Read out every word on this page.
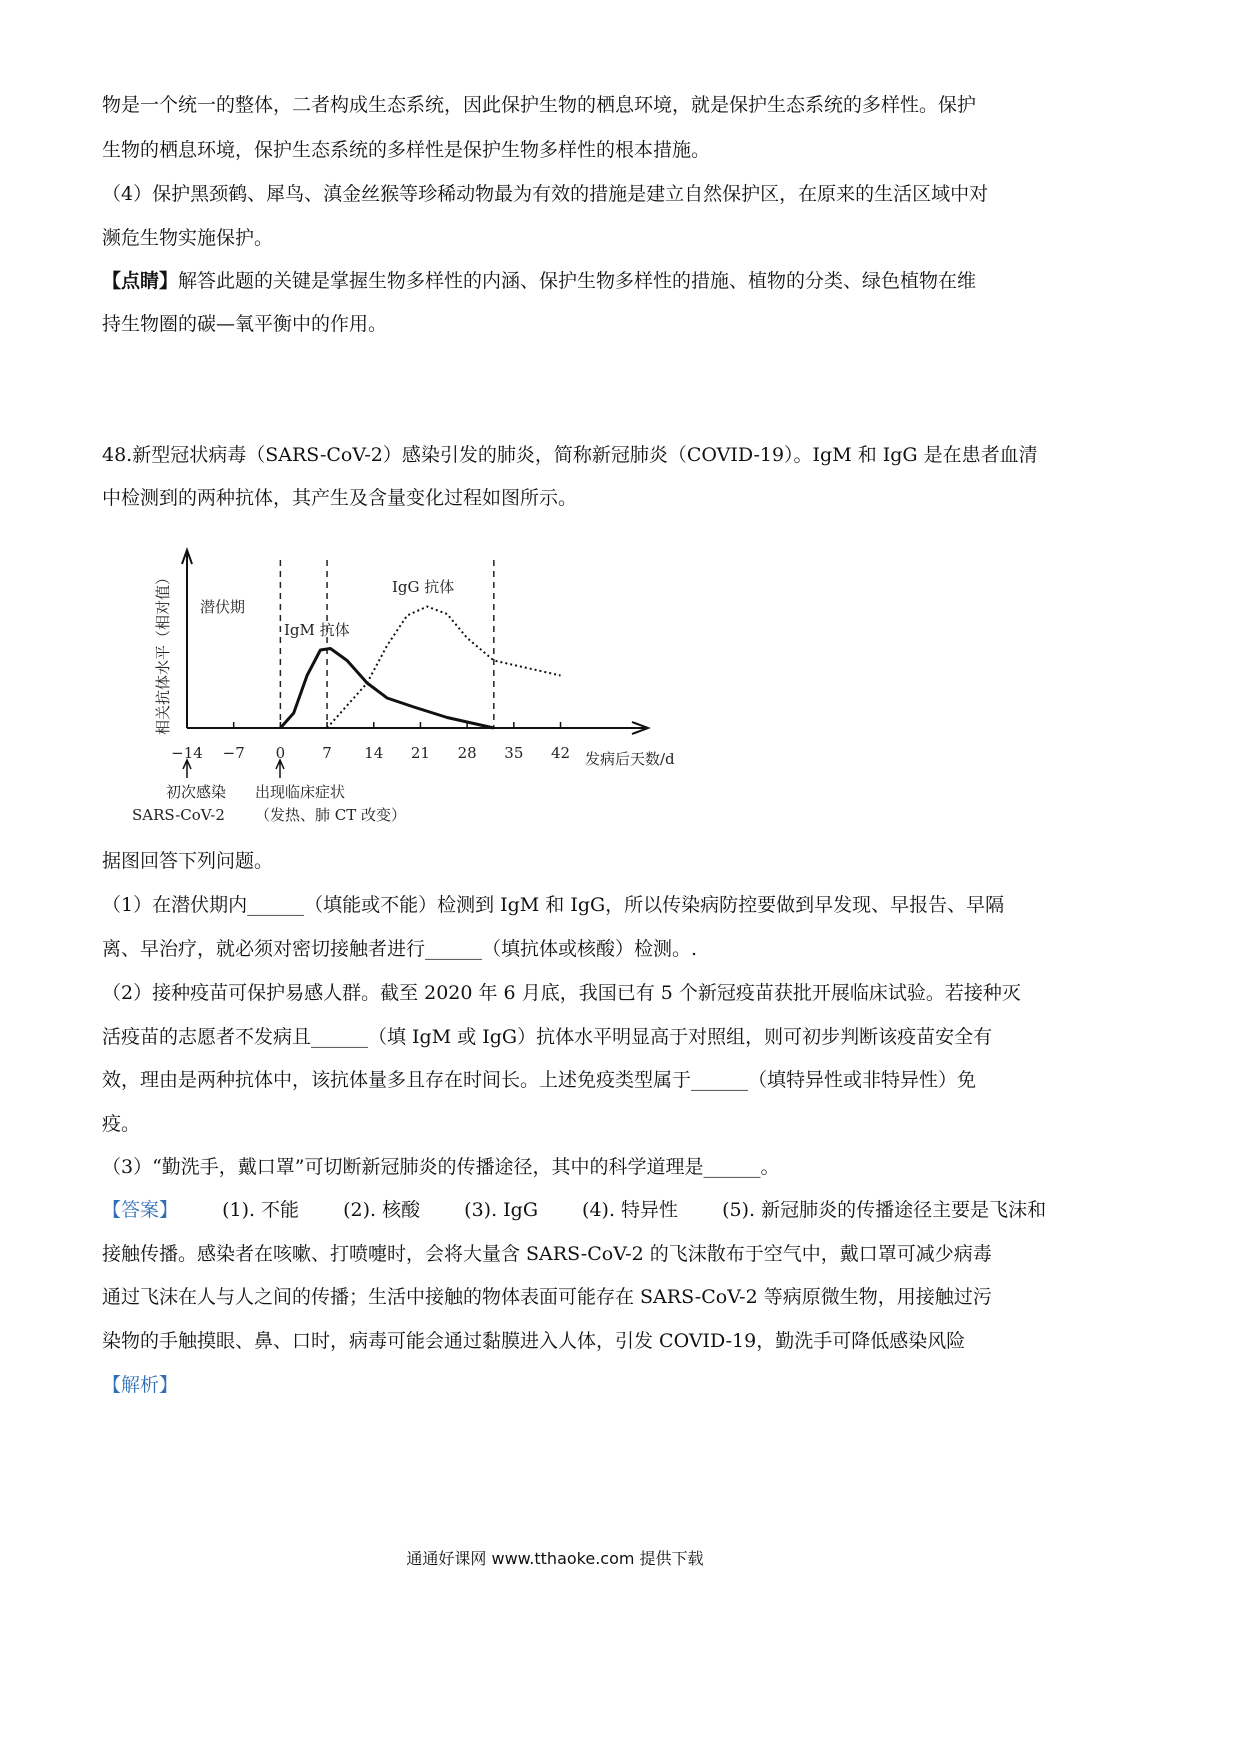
物是一个统一的整体，二者构成生态系统，因此保护生物的栖息环境，就是保护生态系统的多样性。保护
生物的栖息环境，保护生态系统的多样性是保护生物多样性的根本措施。
（4）保护黑颈鹤、犀鸟、滇金丝猴等珍稀动物最为有效的措施是建立自然保护区，在原来的生活区域中对
濒危生物实施保护。
【点睛】解答此题的关键是掌握生物多样性的内涵、保护生物多样性的措施、植物的分类、绿色植物在维
持生物圈的碳—氧平衡中的作用。
48.新型冠状病毒（SARS-CoV-2）感染引发的肺炎，简称新冠肺炎（COVID-19）。IgM 和 IgG 是在患者血清
中检测到的两种抗体，其产生及含量变化过程如图所示。
−14 −7 0 7 14 21 28 35 42
潜伏期
IgM 抗体
IgG 抗体
相关抗体水平（相对值）
发病后天数/d
初次感染
SARS-CoV-2
出现临床症状
（发热、肺 CT 改变）
据图回答下列问题。
（1）在潜伏期内______（填能或不能）检测到 IgM 和 IgG，所以传染病防控要做到早发现、早报告、早隔
离、早治疗，就必须对密切接触者进行______（填抗体或核酸）检测。.
（2）接种疫苗可保护易感人群。截至 2020 年 6 月底，我国已有 5 个新冠疫苗获批开展临床试验。若接种灭
活疫苗的志愿者不发病且______（填 IgM 或 IgG）抗体水平明显高于对照组，则可初步判断该疫苗安全有
效，理由是两种抗体中，该抗体量多且存在时间长。上述免疫类型属于______（填特异性或非特异性）免
疫。
（3）“勤洗手，戴口罩”可切断新冠肺炎的传播途径，其中的科学道理是______。
【答案】 (1). 不能 (2). 核酸 (3). IgG (4). 特异性 (5). 新冠肺炎的传播途径主要是飞沫和
接触传播。感染者在咳嗽、打喷嚏时，会将大量含 SARS-CoV-2 的飞沫散布于空气中，戴口罩可减少病毒
通过飞沫在人与人之间的传播；生活中接触的物体表面可能存在 SARS-CoV-2 等病原微生物，用接触过污
染物的手触摸眼、鼻、口时，病毒可能会通过黏膜进入人体，引发 COVID-19，勤洗手可降低感染风险
【解析】
通通好课网 www.tthaoke.com 提供下载
